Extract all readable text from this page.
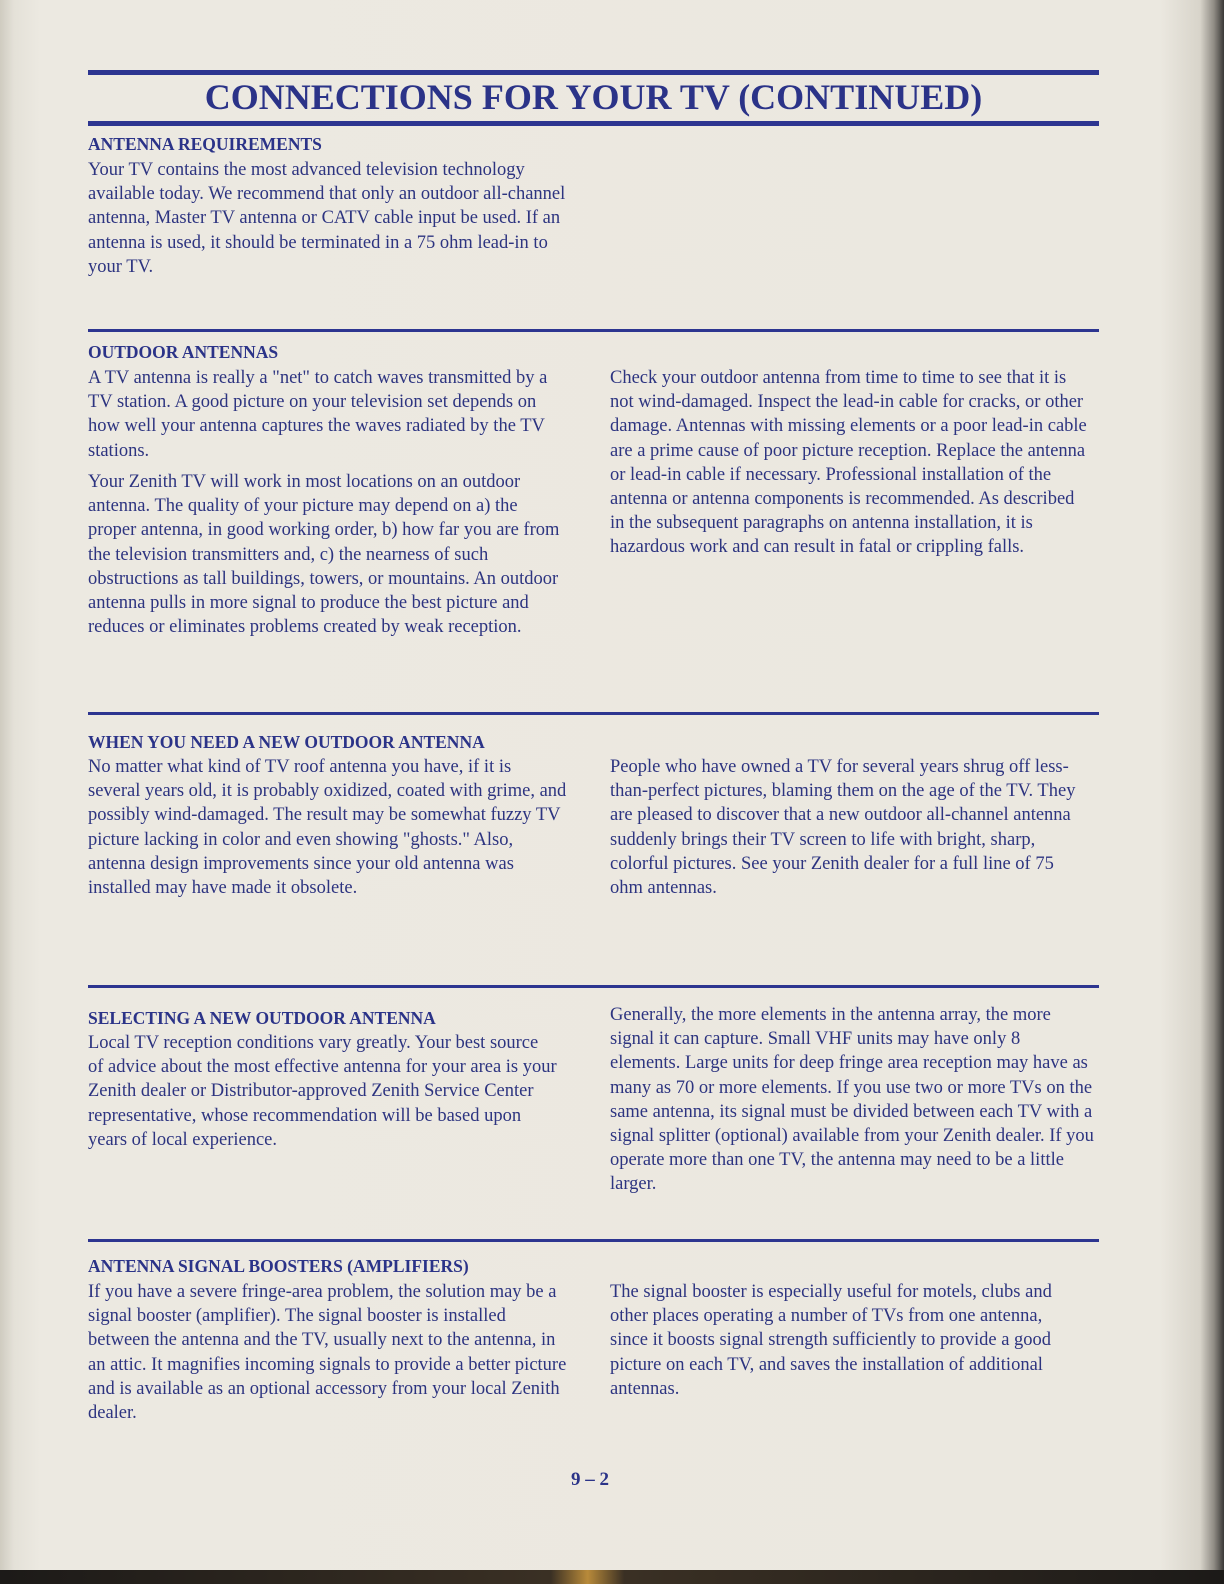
CONNECTIONS FOR YOUR TV (CONTINUED)
ANTENNA REQUIREMENTS

Your TV contains the most advanced television technology available today. We recommend that only an outdoor all-channel antenna, Master TV antenna or CATV cable input be used. If an antenna is used, it should be terminated in a 75 ohm lead-in to your TV.

OUTDOOR ANTENNAS

A TV antenna is really a "net" to catch waves transmitted by a TV station. A good picture on your television set depends on how well your antenna captures the waves radiated by the TV stations.

Your Zenith TV will work in most locations on an outdoor antenna. The quality of your picture may depend on a) the proper antenna, in good working order, b) how far you are from the television transmitters and, c) the nearness of such obstructions as tall buildings, towers, or mountains. An outdoor antenna pulls in more signal to produce the best picture and reduces or eliminates problems created by weak reception.

Check your outdoor antenna from time to time to see that it is not wind-damaged. Inspect the lead-in cable for cracks, or other damage. Antennas with missing elements or a poor lead-in cable are a prime cause of poor picture reception. Replace the antenna or lead-in cable if necessary. Professional installation of the antenna or antenna components is recommended. As described in the subsequent paragraphs on antenna installation, it is hazardous work and can result in fatal or crippling falls.

WHEN YOU NEED A NEW OUTDOOR ANTENNA

No matter what kind of TV roof antenna you have, if it is several years old, it is probably oxidized, coated with grime, and possibly wind-damaged. The result may be somewhat fuzzy TV picture lacking in color and even showing "ghosts." Also, antenna design improvements since your old antenna was installed may have made it obsolete.

People who have owned a TV for several years shrug off less-than-perfect pictures, blaming them on the age of the TV. They are pleased to discover that a new outdoor all-channel antenna suddenly brings their TV screen to life with bright, sharp, colorful pictures. See your Zenith dealer for a full line of 75 ohm antennas.

SELECTING A NEW OUTDOOR ANTENNA

Local TV reception conditions vary greatly. Your best source of advice about the most effective antenna for your area is your Zenith dealer or Distributor-approved Zenith Service Center representative, whose recommendation will be based upon years of local experience.

Generally, the more elements in the antenna array, the more signal it can capture. Small VHF units may have only 8 elements. Large units for deep fringe area reception may have as many as 70 or more elements. If you use two or more TVs on the same antenna, its signal must be divided between each TV with a signal splitter (optional) available from your Zenith dealer. If you operate more than one TV, the antenna may need to be a little larger.

ANTENNA SIGNAL BOOSTERS (AMPLIFIERS)

If you have a severe fringe-area problem, the solution may be a signal booster (amplifier). The signal booster is installed between the antenna and the TV, usually next to the antenna, in an attic. It magnifies incoming signals to provide a better picture and is available as an optional accessory from your local Zenith dealer.

The signal booster is especially useful for motels, clubs and other places operating a number of TVs from one antenna, since it boosts signal strength sufficiently to provide a good picture on each TV, and saves the installation of additional antennas.

9 – 2
